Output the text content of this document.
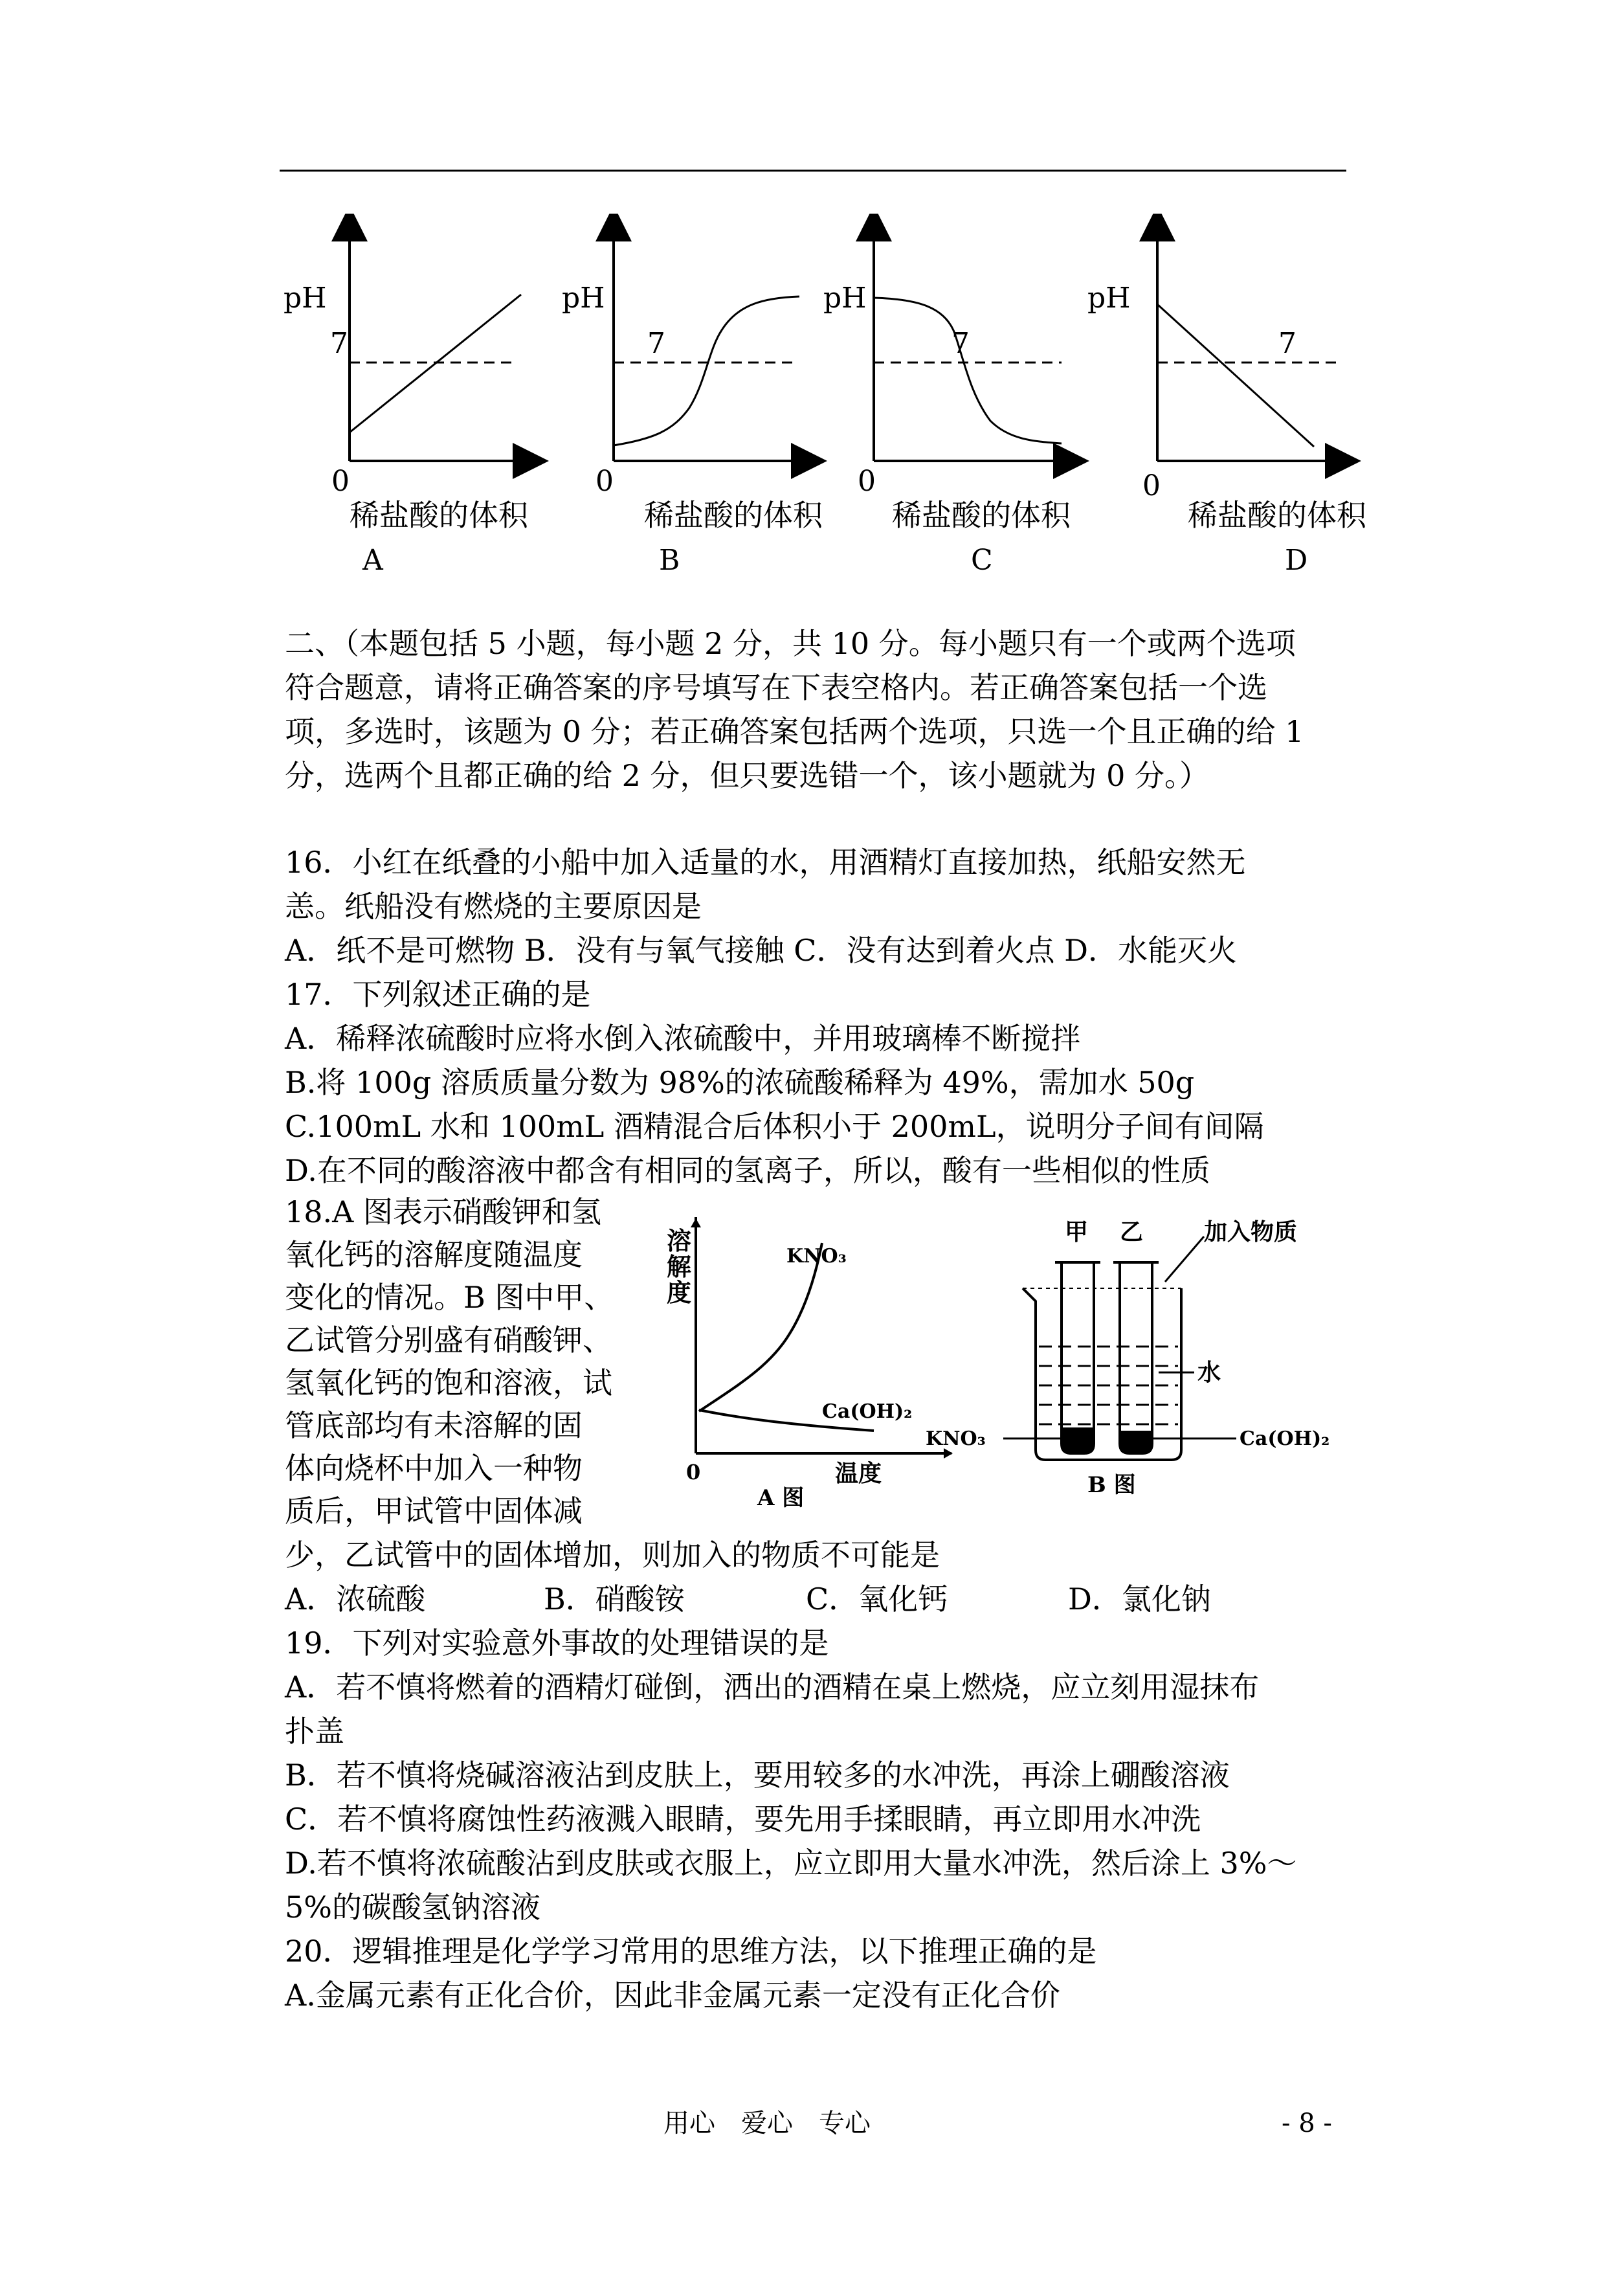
pH
7
0
稀盐酸的体积
A
pH
7
0
稀盐酸的体积
B
pH
7
0
稀盐酸的体积
C
pH
7
0
稀盐酸的体积
D
二、（本题包括 5 小题，每小题 2 分，共 10 分。每小题只有一个或两个选项
符合题意，请将正确答案的序号填写在下表空格内。若正确答案包括一个选
项，多选时，该题为 0 分；若正确答案包括两个选项，只选一个且正确的给 1
分，选两个且都正确的给 2 分，但只要选错一个，该小题就为 0 分。）
16．小红在纸叠的小船中加入适量的水，用酒精灯直接加热，纸船安然无
恙。纸船没有燃烧的主要原因是
A．纸不是可燃物 B．没有与氧气接触 C．没有达到着火点 D．水能灭火
17．下列叙述正确的是
A．稀释浓硫酸时应将水倒入浓硫酸中，并用玻璃棒不断搅拌
B.将 100g 溶质质量分数为 98%的浓硫酸稀释为 49%，需加水 50g
C.100mL 水和 100mL 酒精混合后体积小于 200mL，说明分子间有间隔
D.在不同的酸溶液中都含有相同的氢离子，所以，酸有一些相似的性质
18.A 图表示硝酸钾和氢
氧化钙的溶解度随温度
变化的情况。B 图中甲、
乙试管分别盛有硝酸钾、
氢氧化钙的饱和溶液，试
管底部均有未溶解的固
体向烧杯中加入一种物
质后，甲试管中固体减
少，乙试管中的固体增加，则加入的物质不可能是
A．浓硫酸	B．硝酸铵	C．氧化钙	D．氯化钠
溶
解
度
KNO₃
Ca(OH)₂
0	温度
A 图
甲 乙	加入物质
水
KNO₃	Ca(OH)₂
B 图
19．下列对实验意外事故的处理错误的是
A．若不慎将燃着的酒精灯碰倒，洒出的酒精在桌上燃烧，应立刻用湿抹布
扑盖
B．若不慎将烧碱溶液沾到皮肤上，要用较多的水冲洗，再涂上硼酸溶液
C．若不慎将腐蚀性药液溅入眼睛，要先用手揉眼睛，再立即用水冲洗
D.若不慎将浓硫酸沾到皮肤或衣服上，应立即用大量水冲洗，然后涂上 3%～
5%的碳酸氢钠溶液
20．逻辑推理是化学学习常用的思维方法，以下推理正确的是
A.金属元素有正化合价，因此非金属元素一定没有正化合价
用心　爱心　专心	- 8 -
